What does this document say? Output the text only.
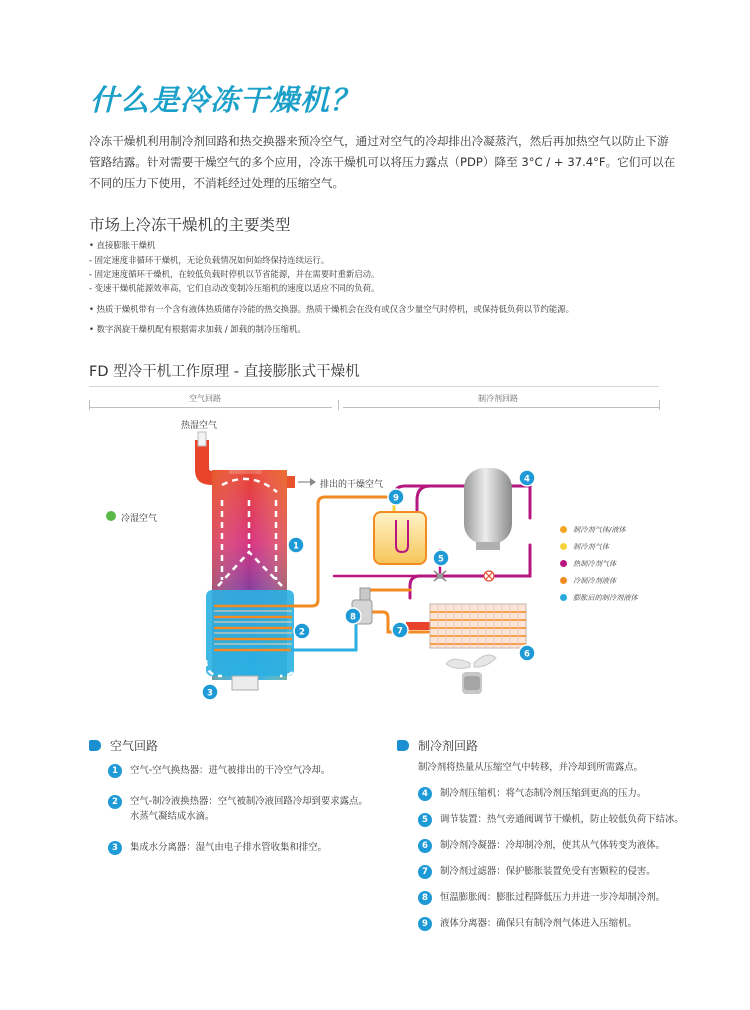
什么是冷冻干燥机？
冷冻干燥机利用制冷剂回路和热交换器来预冷空气，通过对空气的冷却排出冷凝蒸汽，然后再加热空气以防止下游管路结露。针对需要干燥空气的多个应用，冷冻干燥机可以将压力露点（PDP）降至 3°C / + 37.4°F。它们可以在不同的压力下使用，不消耗经过处理的压缩空气。
市场上冷冻干燥机的主要类型
• 直接膨胀干燥机
- 固定速度非循环干燥机，无论负载情况如何始终保持连续运行。
- 固定速度循环干燥机，在较低负载时停机以节省能源，并在需要时重新启动。
- 变速干燥机能源效率高，它们自动改变制冷压缩机的速度以适应不同的负荷。
• 热质干燥机带有一个含有液体热质储存冷能的热交换器。热质干燥机会在没有或仅含少量空气时停机，或保持低负荷以节约能源。
• 数字涡旋干燥机配有根据需求加载 / 卸载的制冷压缩机。
FD 型冷干机工作原理 - 直接膨胀式干燥机
空气回路	制冷剂回路
热湿空气
排出的干燥空气
冷湿空气
1
2
3
4
5
6
7
8
9
制冷剂气体/液体
制冷剂气体
热制冷剂气体
冷制冷剂液体
膨胀后的制冷剂液体
空气回路
1	空气-空气换热器：进气被排出的干冷空气冷却。
2	空气-制冷液换热器：空气被制冷液回路冷却到要求露点。水蒸气凝结成水滴。
3	集成水分离器：湿气由电子排水管收集和排空。
制冷剂回路
制冷剂将热量从压缩空气中转移，并冷却到所需露点。
4	制冷剂压缩机：将气态制冷剂压缩到更高的压力。
5	调节装置：热气旁通阀调节干燥机，防止较低负荷下结冰。
6	制冷剂冷凝器：冷却制冷剂，使其从气体转变为液体。
7	制冷剂过滤器：保护膨胀装置免受有害颗粒的侵害。
8	恒温膨胀阀：膨胀过程降低压力并进一步冷却制冷剂。
9	液体分离器：确保只有制冷剂气体进入压缩机。
